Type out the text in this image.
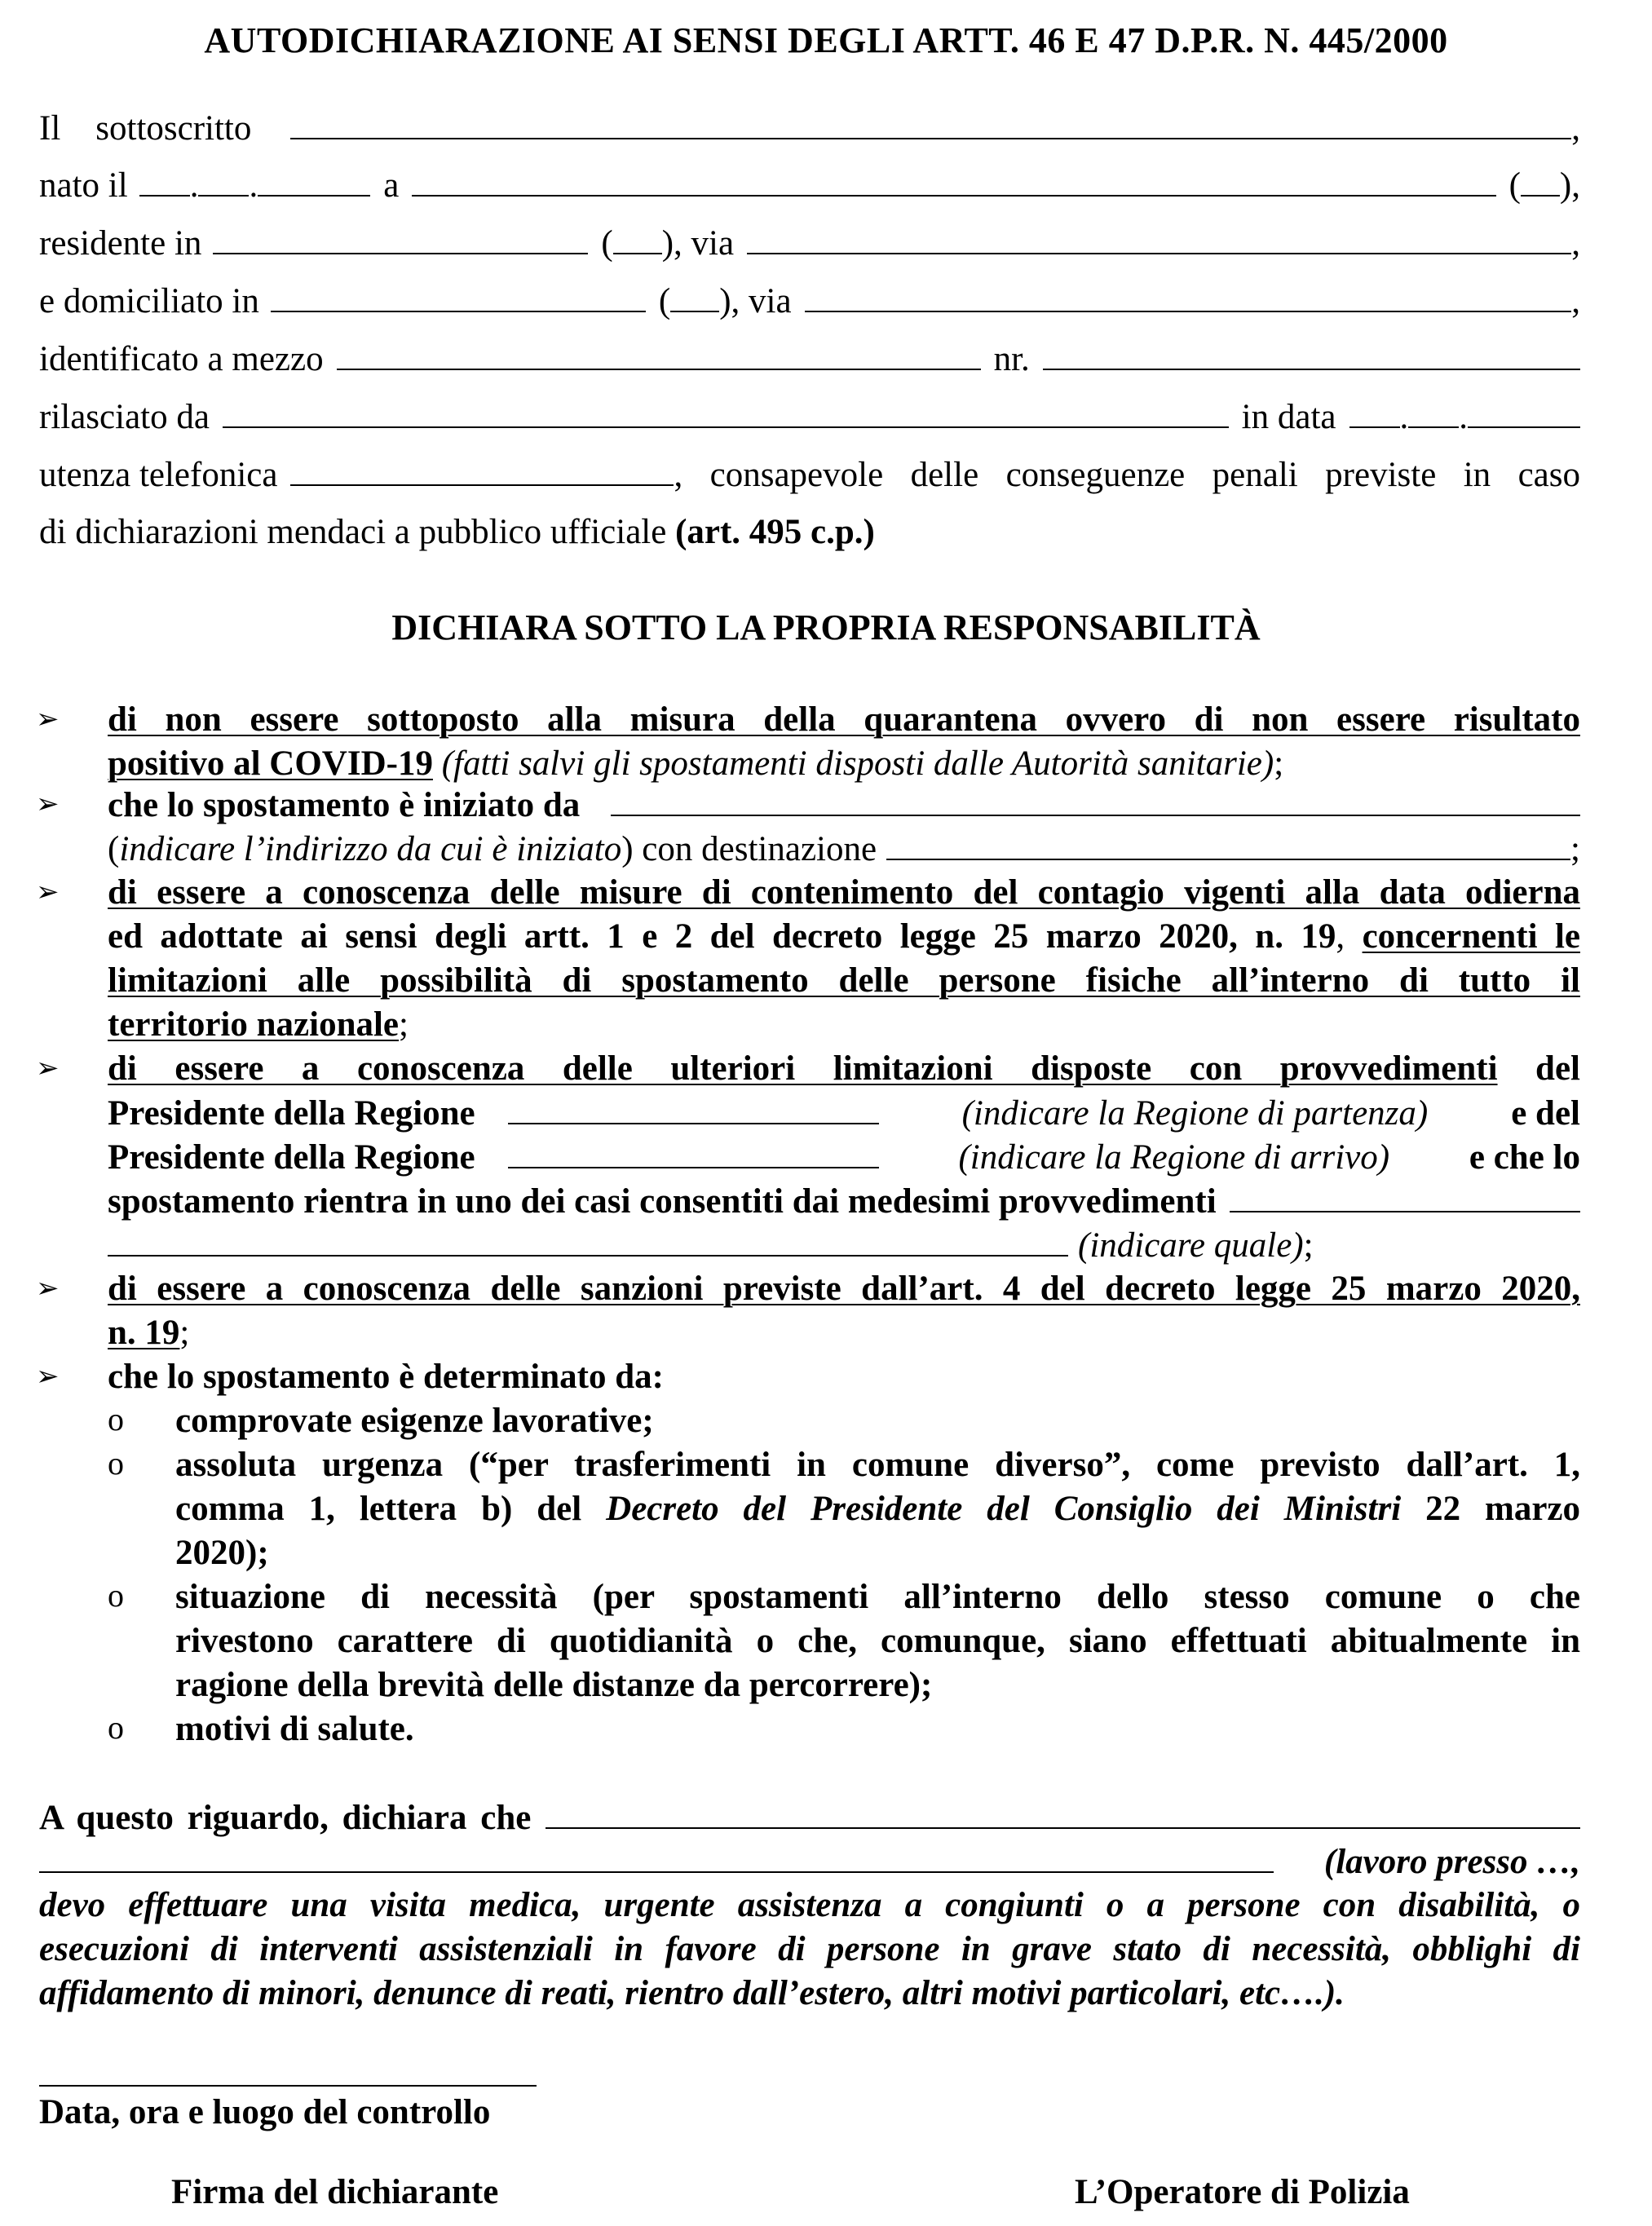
AUTODICHIARAZIONE AI SENSI DEGLI ARTT. 46 E 47 D.P.R. N. 445/2000
Il    sottoscritto	,
nato il . .	a	( ),
residente in	( ), via	,
e domiciliato in	( ), via	,
identificato a mezzo	nr.
rilasciato da	in data . .
utenza telefonica	, consapevole delle conseguenze penali previste in caso
di dichiarazioni mendaci a pubblico ufficiale (art. 495 c.p.)
DICHIARA SOTTO LA PROPRIA RESPONSABILITÀ
➢ di non essere sottoposto alla misura della quarantena ovvero di non essere risultato
positivo al COVID-19 (fatti salvi gli spostamenti disposti dalle Autorità sanitarie);
➢ che lo spostamento è iniziato da
( indicare l’indirizzo da cui è iniziato ) con destinazione	;
➢ di essere a conoscenza delle misure di contenimento del contagio vigenti alla data odierna
ed adottate ai sensi degli artt. 1 e 2 del decreto legge 25 marzo 2020, n. 19, concernenti le
limitazioni alle possibilità di spostamento delle persone fisiche all’interno di tutto il
territorio nazionale;
➢ di essere a conoscenza delle ulteriori limitazioni disposte con provvedimenti del
Presidente della Regione	(indicare la Regione di partenza)	e del
Presidente della Regione	(indicare la Regione di arrivo)	e che lo
spostamento rientra in uno dei casi consentiti dai medesimi provvedimenti
(indicare quale) ;
➢ di essere a conoscenza delle sanzioni previste dall’art. 4 del decreto legge 25 marzo 2020,
n. 19;
➢ che lo spostamento è determinato da:
o comprovate esigenze lavorative;
o assoluta urgenza (“per trasferimenti in comune diverso”, come previsto dall’art. 1,
comma 1, lettera b) del Decreto del Presidente del Consiglio dei Ministri 22 marzo
2020);
o situazione di necessità (per spostamenti all’interno dello stesso comune o che
rivestono carattere di quotidianità o che, comunque, siano effettuati abitualmente in
ragione della brevità delle distanze da percorrere);
o motivi di salute.
A questo riguardo, dichiara che
(lavoro presso …,
devo effettuare una visita medica, urgente assistenza a congiunti o a persone con disabilità, o
esecuzioni di interventi assistenziali in favore di persone in grave stato di necessità, obblighi di
affidamento di minori, denunce di reati, rientro dall’estero, altri motivi particolari, etc….).
Data, ora e luogo del controllo
Firma del dichiarante	L’Operatore di Polizia
